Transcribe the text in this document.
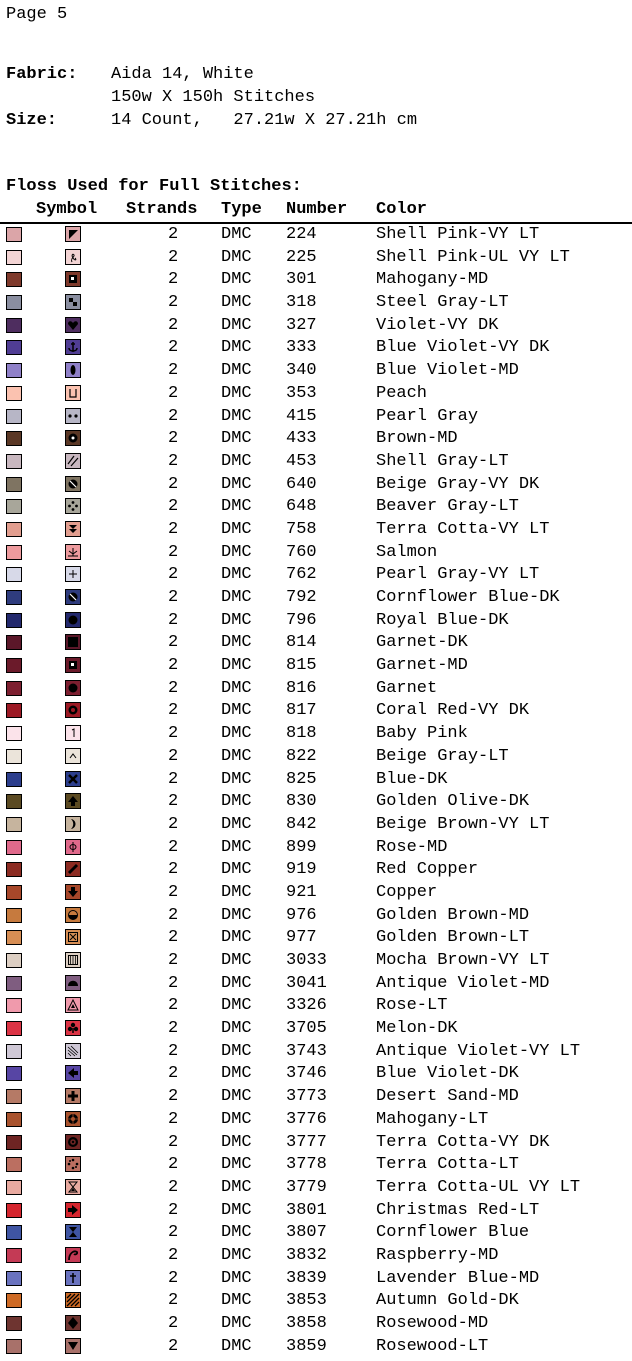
Page 5
Fabric: Aida 14, White
150w X 150h Stitches
Size:	14 Count,   27.21w X 27.21h cm
Floss Used for Full Stitches:
Symbol Strands Type Number Color
2	DMC 224	Shell Pink-VY LT
2	DMC 225	Shell Pink-UL VY LT
2	DMC 301	Mahogany-MD
2	DMC 318	Steel Gray-LT
2	DMC 327	Violet-VY DK
2	DMC 333	Blue Violet-VY DK
2	DMC 340	Blue Violet-MD
2	DMC 353	Peach
2	DMC 415	Pearl Gray
2	DMC 433	Brown-MD
2	DMC 453	Shell Gray-LT
2	DMC 640	Beige Gray-VY DK
2	DMC 648	Beaver Gray-LT
2	DMC 758	Terra Cotta-VY LT
2	DMC 760	Salmon
2	DMC 762	Pearl Gray-VY LT
2	DMC 792	Cornflower Blue-DK
2	DMC 796	Royal Blue-DK
2	DMC 814	Garnet-DK
2	DMC 815	Garnet-MD
2	DMC 816	Garnet
2	DMC 817	Coral Red-VY DK
2	DMC 818	Baby Pink
2	DMC 822	Beige Gray-LT
2	DMC 825	Blue-DK
2	DMC 830	Golden Olive-DK
2	DMC 842	Beige Brown-VY LT
2	DMC 899	Rose-MD
2	DMC 919	Red Copper
2	DMC 921	Copper
2	DMC 976	Golden Brown-MD
2	DMC 977	Golden Brown-LT
2	DMC 3033	Mocha Brown-VY LT
2	DMC 3041	Antique Violet-MD
2	DMC 3326	Rose-LT
2	DMC 3705	Melon-DK
2	DMC 3743	Antique Violet-VY LT
2	DMC 3746	Blue Violet-DK
2	DMC 3773	Desert Sand-MD
2	DMC 3776	Mahogany-LT
2	DMC 3777	Terra Cotta-VY DK
2	DMC 3778	Terra Cotta-LT
2	DMC 3779	Terra Cotta-UL VY LT
2	DMC 3801	Christmas Red-LT
2	DMC 3807	Cornflower Blue
2	DMC 3832	Raspberry-MD
2	DMC 3839	Lavender Blue-MD
2	DMC 3853	Autumn Gold-DK
2	DMC 3858	Rosewood-MD
2	DMC 3859	Rosewood-LT
